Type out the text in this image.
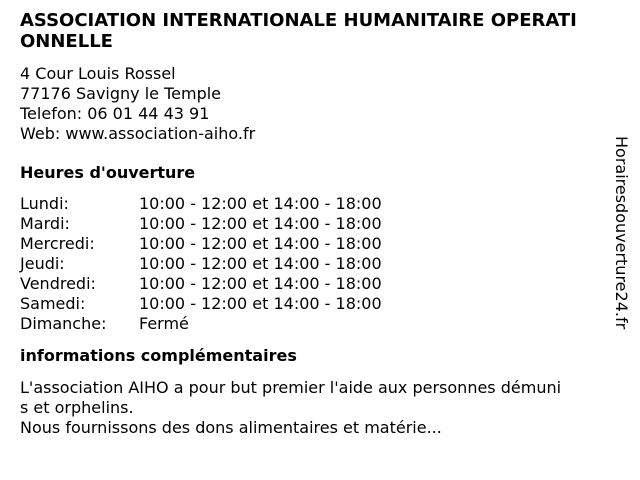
ASSOCIATION INTERNATIONALE HUMANITAIRE OPERATIONNELLE
4 Cour Louis Rossel
77176 Savigny le Temple
Telefon: 06 01 44 43 91
Web: www.association-aiho.fr
Heures d'ouverture
Lundi:	10:00 - 12:00 et 14:00 - 18:00
Mardi:	10:00 - 12:00 et 14:00 - 18:00
Mercredi:	10:00 - 12:00 et 14:00 - 18:00
Jeudi:	10:00 - 12:00 et 14:00 - 18:00
Vendredi:	10:00 - 12:00 et 14:00 - 18:00
Samedi:	10:00 - 12:00 et 14:00 - 18:00
Dimanche:	Fermé
informations complémentaires
L'association AIHO a pour but premier l'aide aux personnes démunis et orphelins.
Nous fournissons des dons alimentaires et matérie...
Horairesdouverture24.fr
